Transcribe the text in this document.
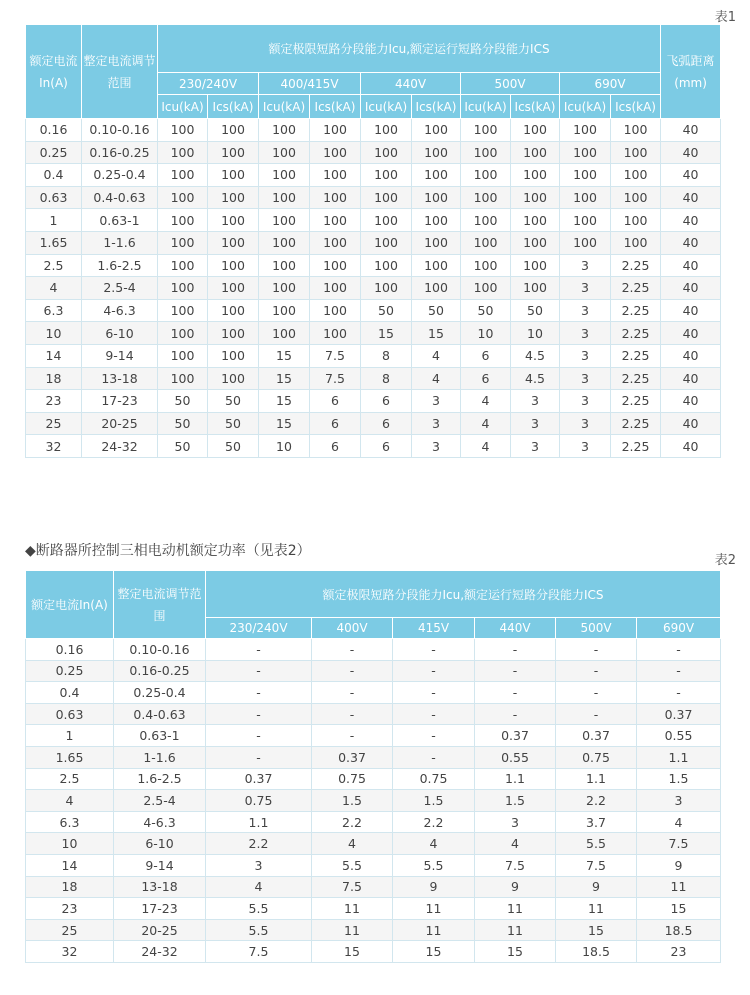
表1
额定电流In(A)	整定电流调节范围	额定极限短路分段能力Icu,额定运行短路分段能力ICS										飞弧距离(mm)
		230/240V		400/415V		440V		500V		690V		
		Icu(kA)	Ics(kA)	Icu(kA)	Ics(kA)	Icu(kA)	Ics(kA)	Icu(kA)	Ics(kA)	Icu(kA)	Ics(kA)	
0.16	0.10-0.16	100	100	100	100	100	100	100	100	100	100	40
0.25	0.16-0.25	100	100	100	100	100	100	100	100	100	100	40
0.4	0.25-0.4	100	100	100	100	100	100	100	100	100	100	40
0.63	0.4-0.63	100	100	100	100	100	100	100	100	100	100	40
1	0.63-1	100	100	100	100	100	100	100	100	100	100	40
1.65	1-1.6	100	100	100	100	100	100	100	100	100	100	40
2.5	1.6-2.5	100	100	100	100	100	100	100	100	3	2.25	40
4	2.5-4	100	100	100	100	100	100	100	100	3	2.25	40
6.3	4-6.3	100	100	100	100	50	50	50	50	3	2.25	40
10	6-10	100	100	100	100	15	15	10	10	3	2.25	40
14	9-14	100	100	15	7.5	8	4	6	4.5	3	2.25	40
18	13-18	100	100	15	7.5	8	4	6	4.5	3	2.25	40
23	17-23	50	50	15	6	6	3	4	3	3	2.25	40
25	20-25	50	50	15	6	6	3	4	3	3	2.25	40
32	24-32	50	50	10	6	6	3	4	3	3	2.25	40
◆断路器所控制三相电动机额定功率（见表2）
表2
额定电流In(A)	整定电流调节范围	额定极限短路分段能力Icu,额定运行短路分段能力ICS					
		230/240V	400V	415V	440V	500V	690V
0.16	0.10-0.16	-	-	-	-	-	-
0.25	0.16-0.25	-	-	-	-	-	-
0.4	0.25-0.4	-	-	-	-	-	-
0.63	0.4-0.63	-	-	-	-	-	0.37
1	0.63-1	-	-	-	0.37	0.37	0.55
1.65	1-1.6	-	0.37	-	0.55	0.75	1.1
2.5	1.6-2.5	0.37	0.75	0.75	1.1	1.1	1.5
4	2.5-4	0.75	1.5	1.5	1.5	2.2	3
6.3	4-6.3	1.1	2.2	2.2	3	3.7	4
10	6-10	2.2	4	4	4	5.5	7.5
14	9-14	3	5.5	5.5	7.5	7.5	9
18	13-18	4	7.5	9	9	9	11
23	17-23	5.5	11	11	11	11	15
25	20-25	5.5	11	11	11	15	18.5
32	24-32	7.5	15	15	15	18.5	23
